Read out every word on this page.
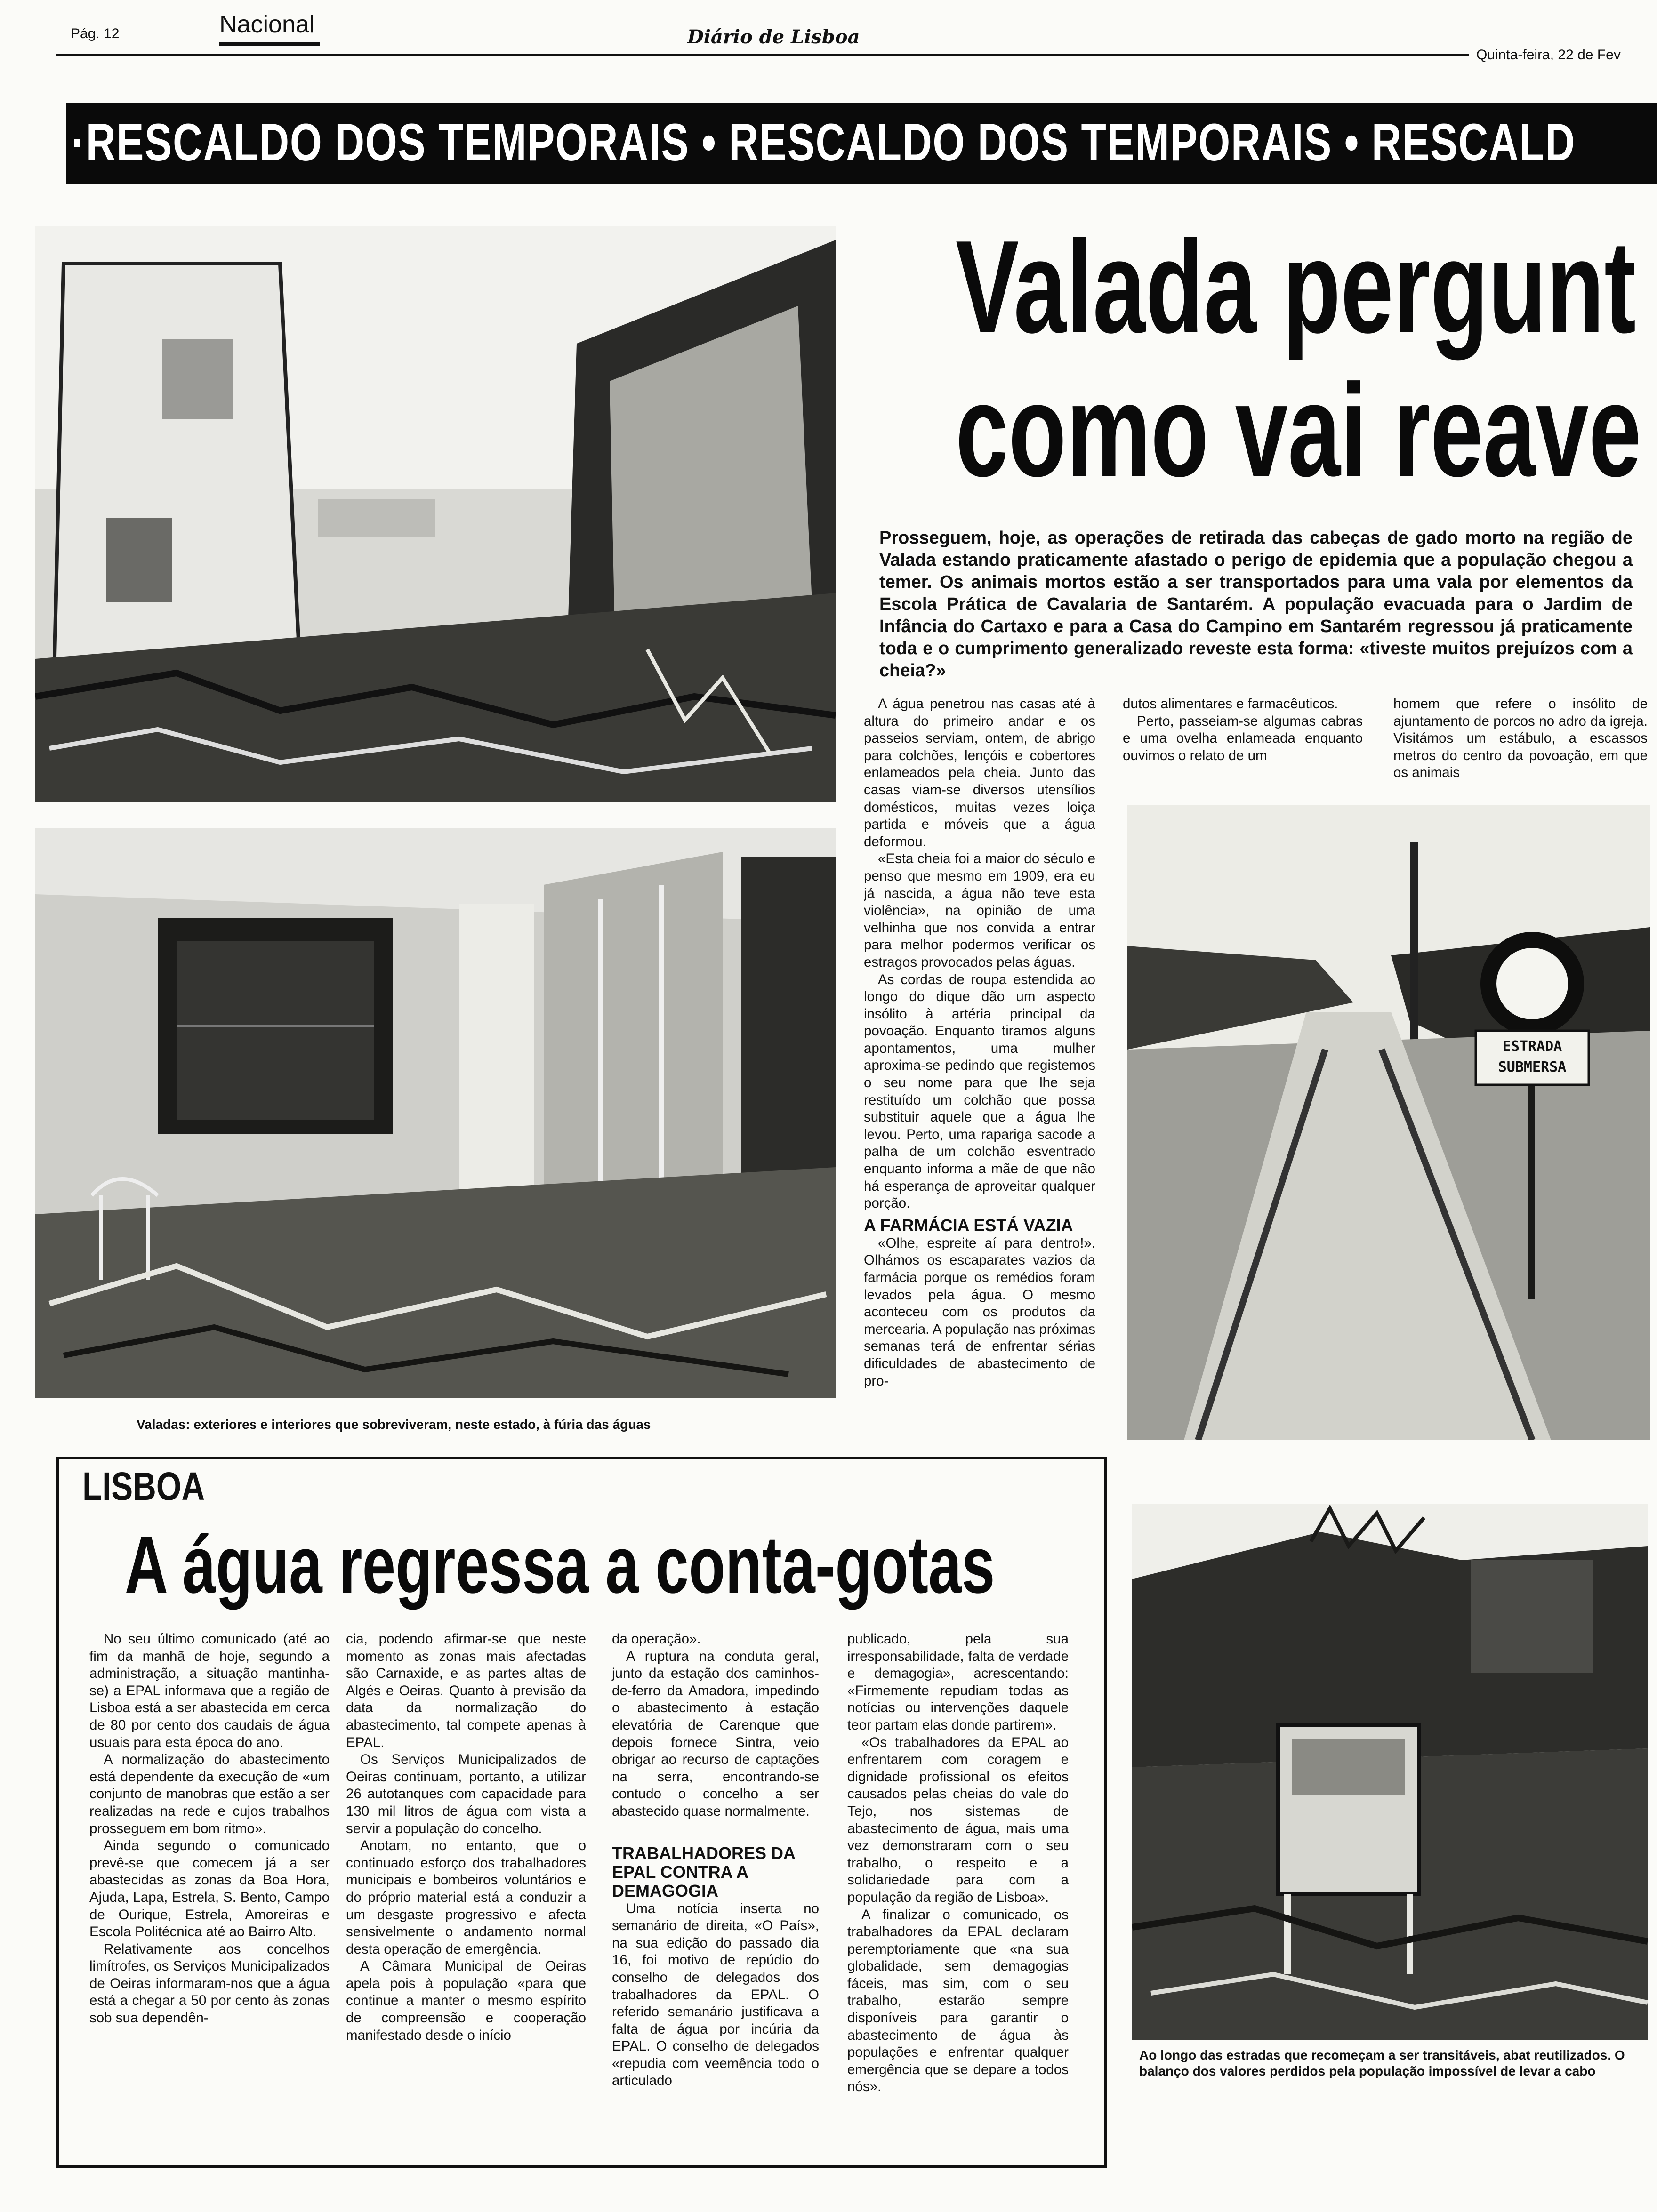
Pág. 12	Nacional	Diário de Lisboa
Quinta-feira, 22 de Fev
·RESCALDO DOS TEMPORAIS • RESCALDO DOS TEMPORAIS • RESCALD
Valada pergunt
como vai reave
Valadas: exteriores e interiores que sobreviveram, neste estado, à fúria das águas
Prosseguem, hoje, as operações de retirada das cabeças de gado morto na região de Valada estando praticamente afastado o perigo de epidemia que a população chegou a temer. Os animais mortos estão a ser transportados para uma vala por elementos da Escola Prática de Cavalaria de Santarém. A população evacuada para o Jardim de Infância do Cartaxo e para a Casa do Campino em Santarém regressou já praticamente toda e o cumprimento generalizado reveste esta forma: «tiveste muitos prejuízos com a cheia?»

A água penetrou nas casas até à altura do primeiro andar e os passeios serviam, ontem, de abrigo para colchões, lençóis e cobertores enlameados pela cheia. Junto das casas viam-se diversos utensílios domésticos, muitas vezes loiça partida e móveis que a água deformou.

«Esta cheia foi a maior do século e penso que mesmo em 1909, era eu já nascida, a água não teve esta violência», na opinião de uma velhinha que nos convida a entrar para melhor podermos verificar os estragos provocados pelas águas.

As cordas de roupa estendida ao longo do dique dão um aspecto insólito à artéria principal da povoação. Enquanto tiramos alguns apontamentos, uma mulher aproxima-se pedindo que registemos o seu nome para que lhe seja restituído um colchão que possa substituir aquele que a água lhe levou. Perto, uma rapariga sacode a palha de um colchão esventrado enquanto informa a mãe de que não há esperança de aproveitar qualquer porção.

A FARMÁCIA ESTÁ VAZIA

«Olhe, espreite aí para dentro!». Olhámos os escaparates vazios da farmácia porque os remédios foram levados pela água. O mesmo aconteceu com os produtos da mercearia. A população nas próximas semanas terá de enfrentar sérias dificuldades de abastecimento de pro-

dutos alimentares e farmacêuticos.

Perto, passeiam-se algumas cabras e uma ovelha enlameada enquanto ouvimos o relato de um

homem que refere o insólito de ajuntamento de porcos no adro da igreja. Visitámos um estábulo, a escassos metros do centro da povoação, em que os animais

ESTRADA
SUBMERSA
LISBOA
A água regressa a conta-gotas

No seu último comunicado (até ao fim da manhã de hoje, segundo a administração, a situação mantinha-se) a EPAL informava que a região de Lisboa está a ser abastecida em cerca de 80 por cento dos caudais de água usuais para esta época do ano.

A normalização do abastecimento está dependente da execução de «um conjunto de manobras que estão a ser realizadas na rede e cujos trabalhos prosseguem em bom ritmo».

Ainda segundo o comunicado prevê-se que comecem já a ser abastecidas as zonas da Boa Hora, Ajuda, Lapa, Estrela, S. Bento, Campo de Ourique, Estrela, Amoreiras e Escola Politécnica até ao Bairro Alto.

Relativamente aos concelhos limítrofes, os Serviços Municipalizados de Oeiras informaram-nos que a água está a chegar a 50 por cento às zonas sob sua dependên-

cia, podendo afirmar-se que neste momento as zonas mais afectadas são Carnaxide, e as partes altas de Algés e Oeiras. Quanto à previsão da data da normalização do abastecimento, tal compete apenas à EPAL.

Os Serviços Municipalizados de Oeiras continuam, portanto, a utilizar 26 autotanques com capacidade para 130 mil litros de água com vista a servir a população do concelho.

Anotam, no entanto, que o continuado esforço dos trabalhadores municipais e bombeiros voluntários e do próprio material está a conduzir a um desgaste progressivo e afecta sensivelmente o andamento normal desta operação de emergência.

A Câmara Municipal de Oeiras apela pois à população «para que continue a manter o mesmo espírito de compreensão e cooperação manifestado desde o início

da operação».

A ruptura na conduta geral, junto da estação dos caminhos-de-ferro da Amadora, impedindo o abastecimento à estação elevatória de Carenque que depois fornece Sintra, veio obrigar ao recurso de captações na serra, encontrando-se contudo o concelho a ser abastecido quase normalmente.

TRABALHADORES DA EPAL CONTRA A DEMAGOGIA

Uma notícia inserta no semanário de direita, «O País», na sua edição do passado dia 16, foi motivo de repúdio do conselho de delegados dos trabalhadores da EPAL. O referido semanário justificava a falta de água por incúria da EPAL. O conselho de delegados «repudia com veemência todo o articulado

publicado, pela sua irresponsabilidade, falta de verdade e demagogia», acrescentando: «Firmemente repudiam todas as notícias ou intervenções daquele teor partam elas donde partirem».

«Os trabalhadores da EPAL ao enfrentarem com coragem e dignidade profissional os efeitos causados pelas cheias do vale do Tejo, nos sistemas de abastecimento de água, mais uma vez demonstraram com o seu trabalho, o respeito e a solidariedade para com a população da região de Lisboa».

A finalizar o comunicado, os trabalhadores da EPAL declaram peremptoriamente que «na sua globalidade, sem demagogias fáceis, mas sim, com o seu trabalho, estarão sempre disponíveis para garantir o abastecimento de água às populações e enfrentar qualquer emergência que se depare a todos nós».

Ao longo das estradas que recomeçam a ser transitáveis, abat reutilizados. O balanço dos valores perdidos pela população impossível de levar a cabo
